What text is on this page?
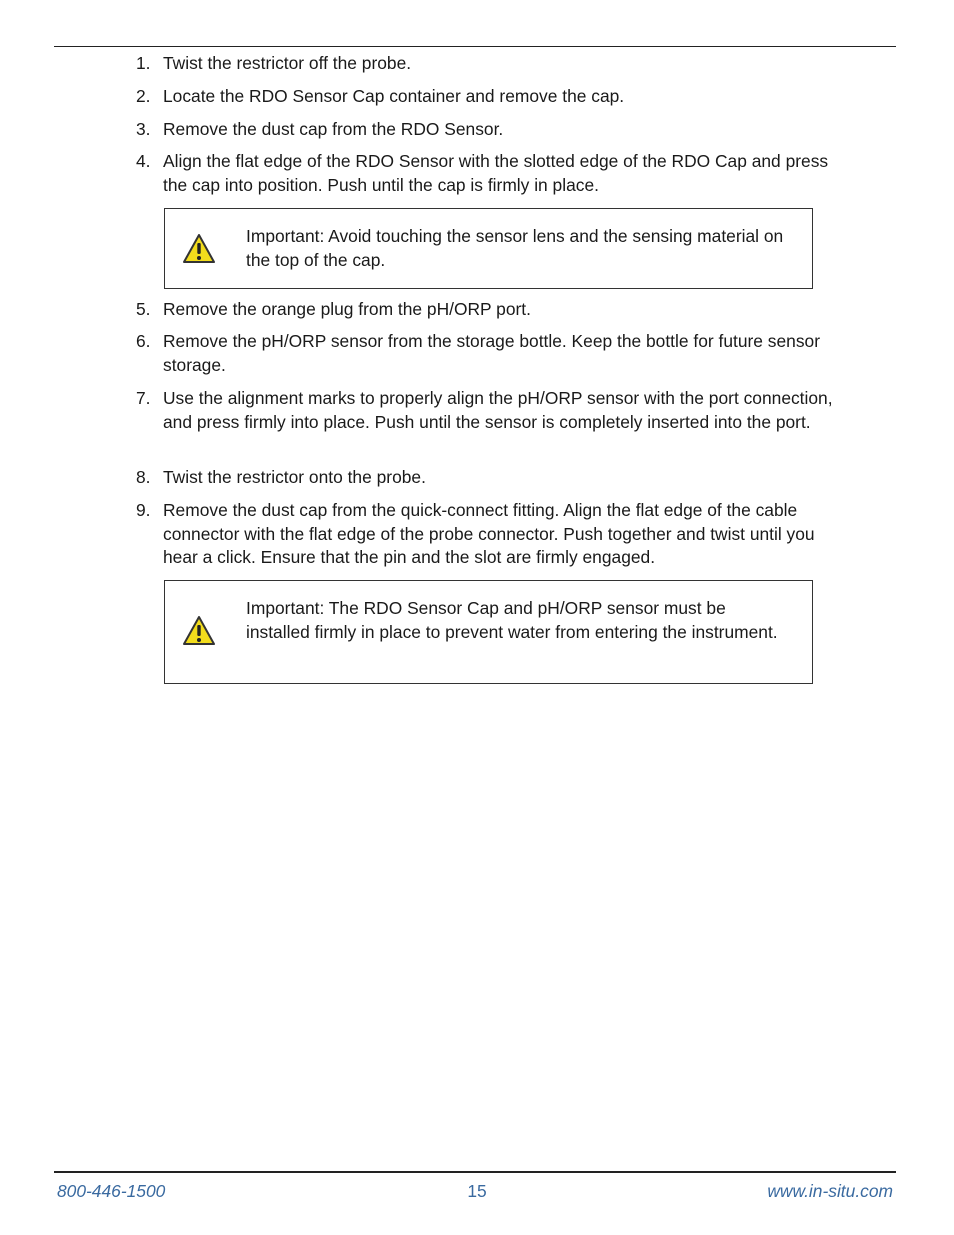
1. Twist the restrictor off the probe.
2. Locate the RDO Sensor Cap container and remove the cap.
3. Remove the dust cap from the RDO Sensor.
4. Align the flat edge of the RDO Sensor with the slotted edge of the RDO Cap and press the cap into position. Push until the cap is firmly in place.
Important: Avoid touching the sensor lens and the sensing material on the top of the cap.
5. Remove the orange plug from the pH/ORP port.
6. Remove the pH/ORP sensor from the storage bottle. Keep the bottle for future sensor storage.
7. Use the alignment marks to properly align the pH/ORP sensor with the port connection, and press firmly into place. Push until the sensor is completely inserted into the port.
8. Twist the restrictor onto the probe.
9. Remove the dust cap from the quick-connect fitting. Align the flat edge of the cable connector with the flat edge of the probe connector. Push together and twist until you hear a click. Ensure that the pin and the slot are firmly engaged.
Important: The RDO Sensor Cap and pH/ORP sensor must be installed firmly in place to prevent water from entering the instrument.
800-446-1500	15	www.in-situ.com
